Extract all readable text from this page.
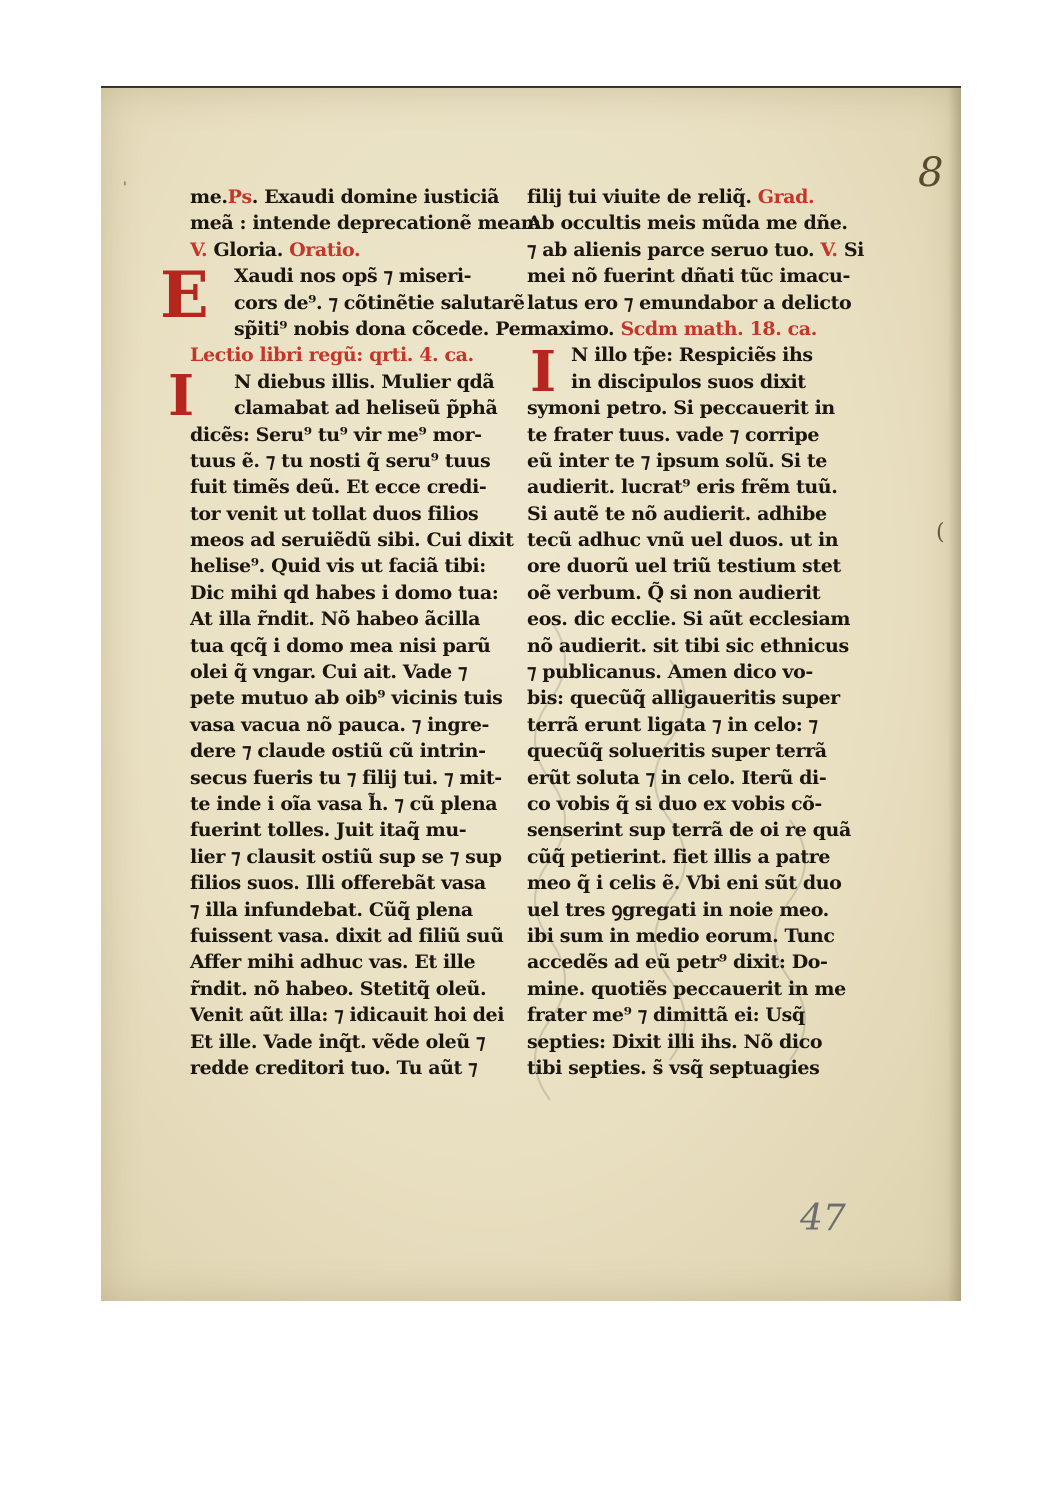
'
(
8
47
E
I	I
me.Ps. Exaudi domine iusticiã
meã : intende deprecationẽ meam
V. Gloria. Oratio.
Xaudi nos ops̃ ⁊ miseri-
cors de⁹. ⁊ cõtinẽtie salutarẽ
sp̃iti⁹ nobis dona cõcede. Per
Lectio libri regũ: qrti. 4. ca.
N diebus illis. Mulier qdã
clamabat ad heliseũ p̃phã
dicẽs: Seru⁹ tu⁹ vir me⁹ mor-
tuus ẽ. ⁊ tu nosti q̃ seru⁹ tuus
fuit timẽs deũ. Et ecce credi-
tor venit ut tollat duos filios
meos ad seruiẽdũ sibi. Cui dixit
helise⁹. Quid vis ut faciã tibi:
Dic mihi qd habes i domo tua:
At illa r̃ndit. Nõ habeo ãcilla
tua qcq̃ i domo mea nisi parũ
olei q̃ vngar. Cui ait. Vade ⁊
pete mutuo ab oib⁹ vicinis tuis
vasa vacua nõ pauca. ⁊ ingre-
dere ⁊ claude ostiũ cũ intrin-
secus fueris tu ⁊ filij tui. ⁊ mit-
te inde i oĩa vasa h̃. ⁊ cũ plena
fuerint tolles. Juit itaq̃ mu-
lier ⁊ clausit ostiũ sup se ⁊ sup
filios suos. Illi offerebãt vasa
⁊ illa infundebat. Cũq̃ plena
fuissent vasa. dixit ad filiũ suũ
Affer mihi adhuc vas. Et ille
r̃ndit. nõ habeo. Stetitq̃ oleũ.
Venit aũt illa: ⁊ idicauit hoi dei
Et ille. Vade inq̃t. vẽde oleũ ⁊
redde creditori tuo. Tu aũt ⁊
filij tui viuite de reliq̃. Grad.
Ab occultis meis mũda me dñe.
⁊ ab alienis parce seruo tuo. V. Si
mei nõ fuerint dñati tũc imacu-
latus ero ⁊ emundabor a delicto
maximo. Scdm math. 18. ca.
N illo tp̃e: Respiciẽs ihs
in discipulos suos dixit
symoni petro. Si peccauerit in
te frater tuus. vade ⁊ corripe
eũ inter te ⁊ ipsum solũ. Si te
audierit. lucrat⁹ eris frẽm tuũ.
Si autẽ te nõ audierit. adhibe
tecũ adhuc vnũ uel duos. ut in
ore duorũ uel triũ testium stet
oẽ verbum. Q̃ si non audierit
eos. dic ecclie. Si aũt ecclesiam
nõ audierit. sit tibi sic ethnicus
⁊ publicanus. Amen dico vo-
bis: quecũq̃ alligaueritis super
terrã erunt ligata ⁊ in celo: ⁊
quecũq̃ solueritis super terrã
erũt soluta ⁊ in celo. Iterũ di-
co vobis q̃ si duo ex vobis cõ-
senserint sup terrã de oi re quã
cũq̃ petierint. fiet illis a patre
meo q̃ i celis ẽ. Vbi eni sũt duo
uel tres ꝯgregati in noie meo.
ibi sum in medio eorum. Tunc
accedẽs ad eũ petr⁹ dixit: Do-
mine. quotiẽs peccauerit in me
frater me⁹ ⁊ dimittã ei: Usq̃
septies: Dixit illi ihs. Nõ dico
tibi septies. s̃ vsq̃ septuagies
